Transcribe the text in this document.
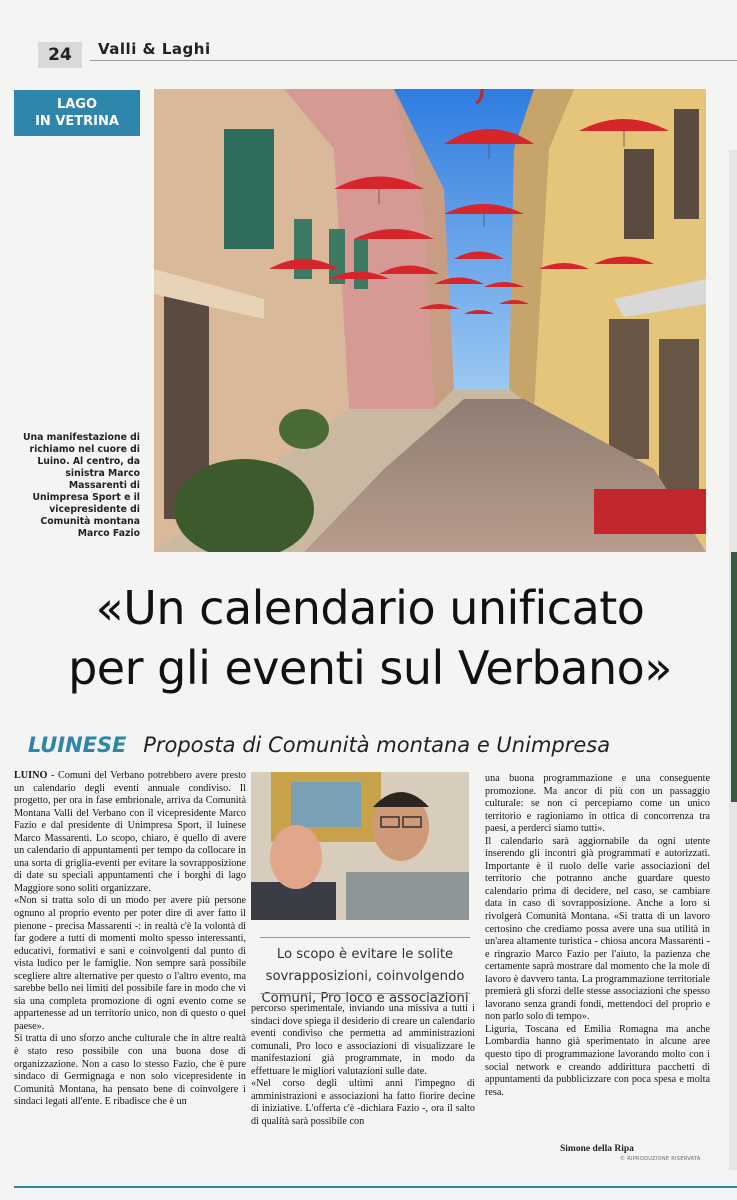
24	Valli & Laghi
LAGO
IN VETRINA
Una manifestazione di richiamo nel cuore di Luino. Al centro, da sinistra Marco Massarenti di Unimpresa Sport e il vicepresidente di Comunità montana Marco Fazio
«Un calendario unificato
per gli eventi sul Verbano»
LUINESE Proposta di Comunità montana e Unimpresa

LUINO - Comuni del Verbano potrebbero avere presto un calendario degli eventi annuale condiviso. Il progetto, per ora in fase embrionale, arriva da Comunità Montana Valli del Verbano con il vicepresidente Marco Fazio e dal presidente di Unimpresa Sport, il luinese Marco Massarenti. Lo scopo, chiaro, è quello di avere un calendario di appuntamenti per tempo da collocare in una sorta di griglia-eventi per evitare la sovrapposizione di date su speciali appuntamenti che i borghi di lago Maggiore sono soliti organizzare.

«Non si tratta solo di un modo per avere più persone ognuno al proprio evento per poter dire di aver fatto il pienone - precisa Massarenti -: in realtà c'è la volontà di far godere a tutti di momenti molto spesso interessanti, educativi, formativi e sani e coinvolgenti dal punto di vista ludico per le famiglie. Non sempre sarà possibile scegliere altre alternative per questo o l'altro evento, ma sarebbe bello nei limiti del possibile fare in modo che vi sia una completa promozione di ogni evento come se appartenesse ad un territorio unico, non di questo o quel paese».

Si tratta di uno sforzo anche culturale che in altre realtà è stato reso possibile con una buona dose di organizzazione. Non a caso lo stesso Fazio, che è pure sindaco di Germignaga e non solo vicepresidente in Comunità Montana, ha pensato bene di coinvolgere i sindaci legati all'ente. E ribadisce che è un

Lo scopo è evitare le solite sovrapposizioni, coinvolgendo Comuni, Pro loco e associazioni

percorso sperimentale, inviando una missiva a tutti i sindaci dove spiega il desiderio di creare un calendario eventi condiviso che permetta ad amministrazioni comunali, Pro loco e associazioni di visualizzare le manifestazioni già programmate, in modo da effettuare le migliori valutazioni sulle date.

«Nel corso degli ultimi anni l'impegno di amministrazioni e associazioni ha fatto fiorire decine di iniziative. L'offerta c'è -dichiara Fazio -, ora il salto di qualità sarà possibile con

una buona programmazione e una conseguente promozione. Ma ancor di più con un passaggio culturale: se non ci percepiamo come un unico territorio e ragioniamo in ottica di concorrenza tra paesi, a perderci siamo tutti».

Il calendario sarà aggiornabile da ogni utente inserendo gli incontri già programmati e autorizzati. Importante è il ruolo delle varie associazioni del territorio che potranno anche guardare questo calendario prima di decidere, nel caso, se cambiare data in caso di sovrapposizione. Anche a loro si rivolgerà Comunità Montana. «Si tratta di un lavoro certosino che crediamo possa avere una sua utilità in un'area altamente turistica - chiosa ancora Massarenti - e ringrazio Marco Fazio per l'aiuto, la pazienza che certamente saprà mostrare dal momento che la mole di lavoro è davvero tanta. La programmazione territoriale premierà gli sforzi delle stesse associazioni che spesso lavorano senza grandi fondi, mettendoci del proprio e non parlo solo di tempo».

Liguria, Toscana ed Emilia Romagna ma anche Lombardia hanno già sperimentato in alcune aree questo tipo di programmazione lavorando molto con i social network e creando addirittura pacchetti di appuntamenti da pubblicizzare con poca spesa e molta resa.

Simone della Ripa
© RIPRODUZIONE RISERVATA
